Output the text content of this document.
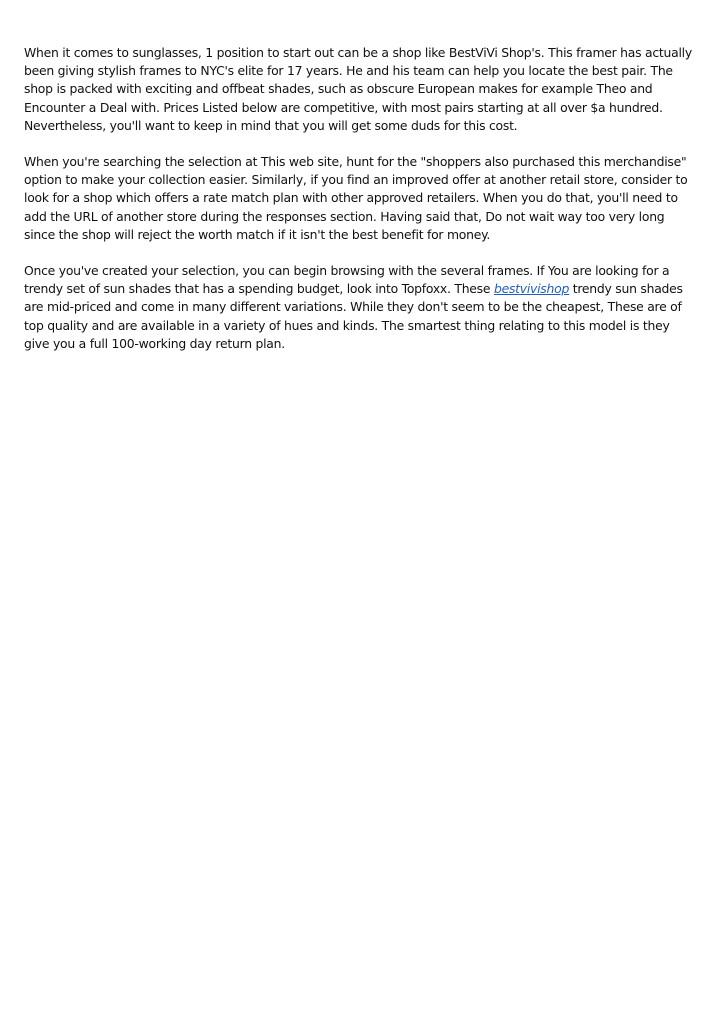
When it comes to sunglasses, 1 position to start out can be a shop like BestViVi Shop's. This framer has actually been giving stylish frames to NYC's elite for 17 years. He and his team can help you locate the best pair. The shop is packed with exciting and offbeat shades, such as obscure European makes for example Theo and Encounter a Deal with. Prices Listed below are competitive, with most pairs starting at all over $a hundred. Nevertheless, you'll want to keep in mind that you will get some duds for this cost.

When you're searching the selection at This web site, hunt for the "shoppers also purchased this merchandise" option to make your collection easier. Similarly, if you find an improved offer at another retail store, consider to look for a shop which offers a rate match plan with other approved retailers. When you do that, you'll need to add the URL of another store during the responses section. Having said that, Do not wait way too very long since the shop will reject the worth match if it isn't the best benefit for money.

Once you've created your selection, you can begin browsing with the several frames. If You are looking for a trendy set of sun shades that has a spending budget, look into Topfoxx. These bestvivishop trendy sun shades are mid-priced and come in many different variations. While they don't seem to be the cheapest, These are of top quality and are available in a variety of hues and kinds. The smartest thing relating to this model is they give you a full 100-working day return plan.
